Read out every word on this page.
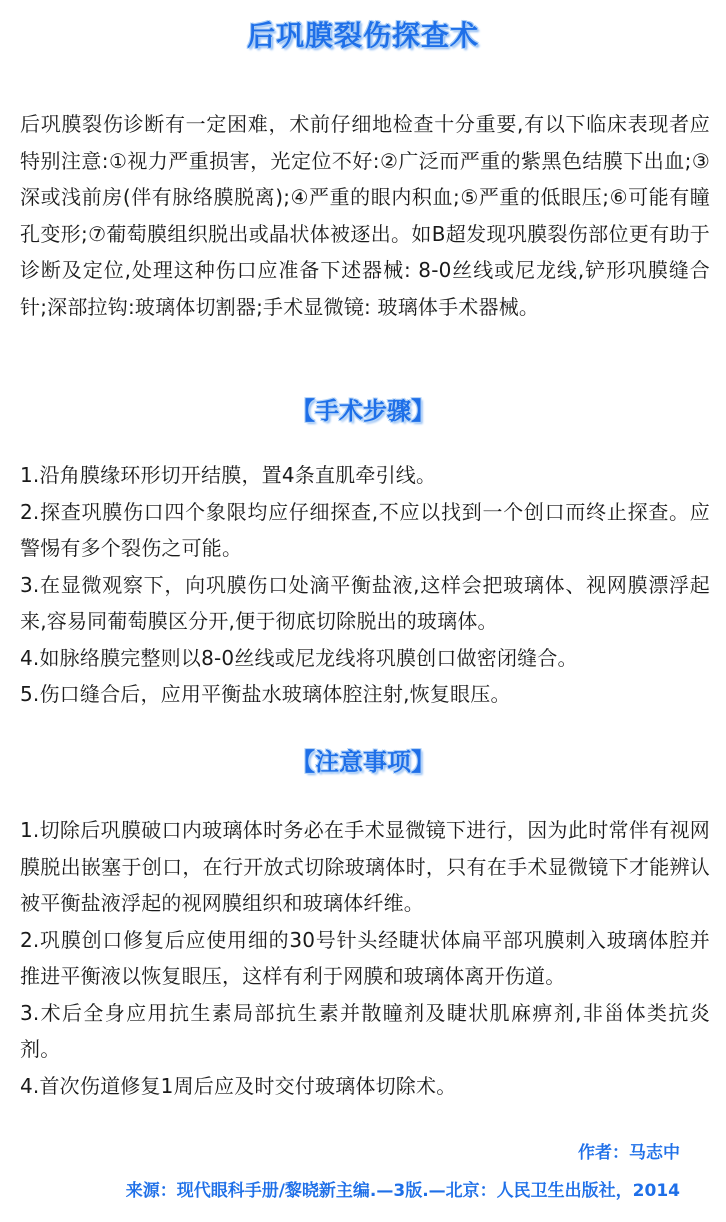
后巩膜裂伤探查术

后巩膜裂伤诊断有一定困难，术前仔细地检查十分重要,有以下临床表现者应特别注意:①视力严重损害，光定位不好:②广泛而严重的紫黑色结膜下出血;③深或浅前房(伴有脉络膜脱离);④严重的眼内积血;⑤严重的低眼压;⑥可能有瞳孔变形;⑦葡萄膜组织脱出或晶状体被逐出。如B超发现巩膜裂伤部位更有助于诊断及定位,处理这种伤口应准备下述器械: 8-0丝线或尼龙线,铲形巩膜缝合针;深部拉钩:玻璃体切割器;手术显微镜: 玻璃体手术器械。

【手术步骤】
1.沿角膜缘环形切开结膜，置4条直肌牵引线。
2.探查巩膜伤口四个象限均应仔细探查,不应以找到一个创口而终止探查。应警惕有多个裂伤之可能。
3.在显微观察下，向巩膜伤口处滴平衡盐液,这样会把玻璃体、视网膜漂浮起来,容易同葡萄膜区分开,便于彻底切除脱出的玻璃体。
4.如脉络膜完整则以8-0丝线或尼龙线将巩膜创口做密闭缝合。
5.伤口缝合后，应用平衡盐水玻璃体腔注射,恢复眼压。
【注意事项】
1.切除后巩膜破口内玻璃体时务必在手术显微镜下进行，因为此时常伴有视网膜脱出嵌塞于创口，在行开放式切除玻璃体时，只有在手术显微镜下才能辨认被平衡盐液浮起的视网膜组织和玻璃体纤维。
2.巩膜创口修复后应使用细的30号针头经睫状体扁平部巩膜刺入玻璃体腔并推进平衡液以恢复眼压，这样有利于网膜和玻璃体离开伤道。
3.术后全身应用抗生素局部抗生素并散瞳剂及睫状肌麻痹剂,非甾体类抗炎剂。
4.首次伤道修复1周后应及时交付玻璃体切除术。
作者：马志中
来源：现代眼科手册/黎晓新主编.—3版.—北京：人民卫生出版社，2014
